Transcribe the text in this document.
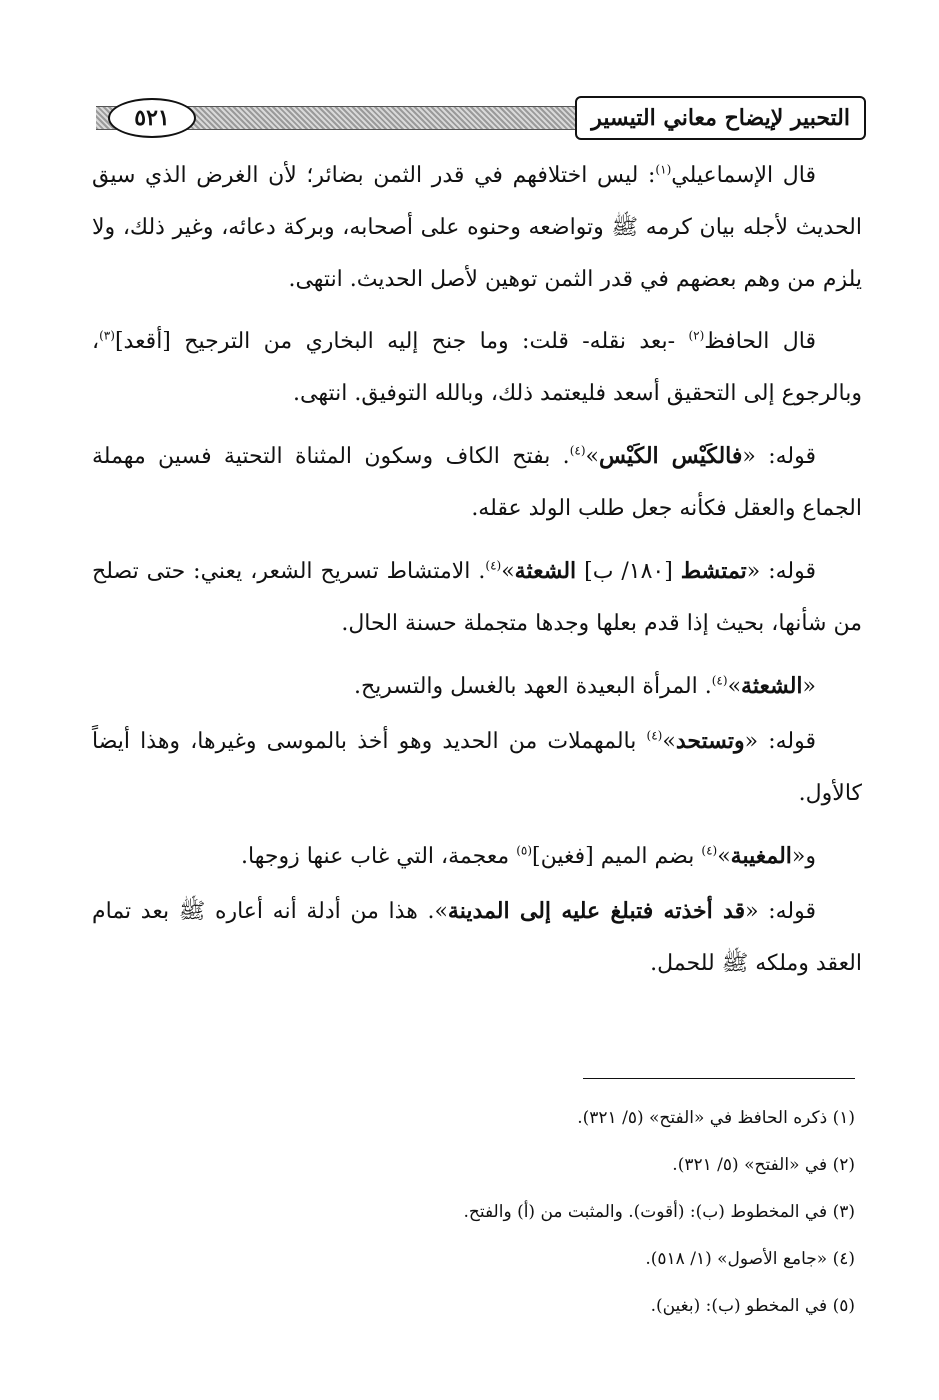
٥٢١	التحبير لإيضاح معاني التيسير

قال الإسماعيلي$^{(١)}$: ليس اختلافهم في قدر الثمن بضائر؛ لأن الغرض الذي سيق الحديث لأجله بيان كرمه ﷺ وتواضعه وحنوه على أصحابه، وبركة دعائه، وغير ذلك، ولا يلزم من وهم بعضهم في قدر الثمن توهين لأصل الحديث. انتهى.

قال الحافظ$^{(٢)}$ -بعد نقله- قلت: وما جنح إليه البخاري من الترجيح [أقعد]$^{(٣)}$، وبالرجوع إلى التحقيق أسعد فليعتمد ذلك، وبالله التوفيق. انتهى.

قوله: «فالكَيْس الكَيْس»$^{(٤)}$. بفتح الكاف وسكون المثناة التحتية فسين مهملة الجماع والعقل فكأنه جعل طلب الولد عقله.

قوله: «تمتشط [١٨٠/ ب] الشعثة»$^{(٤)}$. الامتشاط تسريح الشعر، يعني: حتى تصلح من شأنها، بحيث إذا قدم بعلها وجدها متجملة حسنة الحال.

«الشعثة»$^{(٤)}$. المرأة البعيدة العهد بالغسل والتسريح.

قوله: «وتستحد»$^{(٤)}$ بالمهملات من الحديد وهو أخذ بالموسى وغيرها، وهذا أيضاً كالأول.

و«المغيبة»$^{(٤)}$ بضم الميم [فغين]$^{(٥)}$ معجمة، التي غاب عنها زوجها.

قوله: «قد أخذته فتبلغ عليه إلى المدينة». هذا من أدلة أنه أعاره ﷺ بعد تمام العقد وملكه ﷺ للحمل.

(١) ذكره الحافظ في «الفتح» (٥/ ٣٢١).
(٢) في «الفتح» (٥/ ٣٢١).
(٣) في المخطوط (ب): (أقوت). والمثبت من (أ) والفتح.
(٤) «جامع الأصول» (١/ ٥١٨).
(٥) في المخطو (ب): (بغين).
